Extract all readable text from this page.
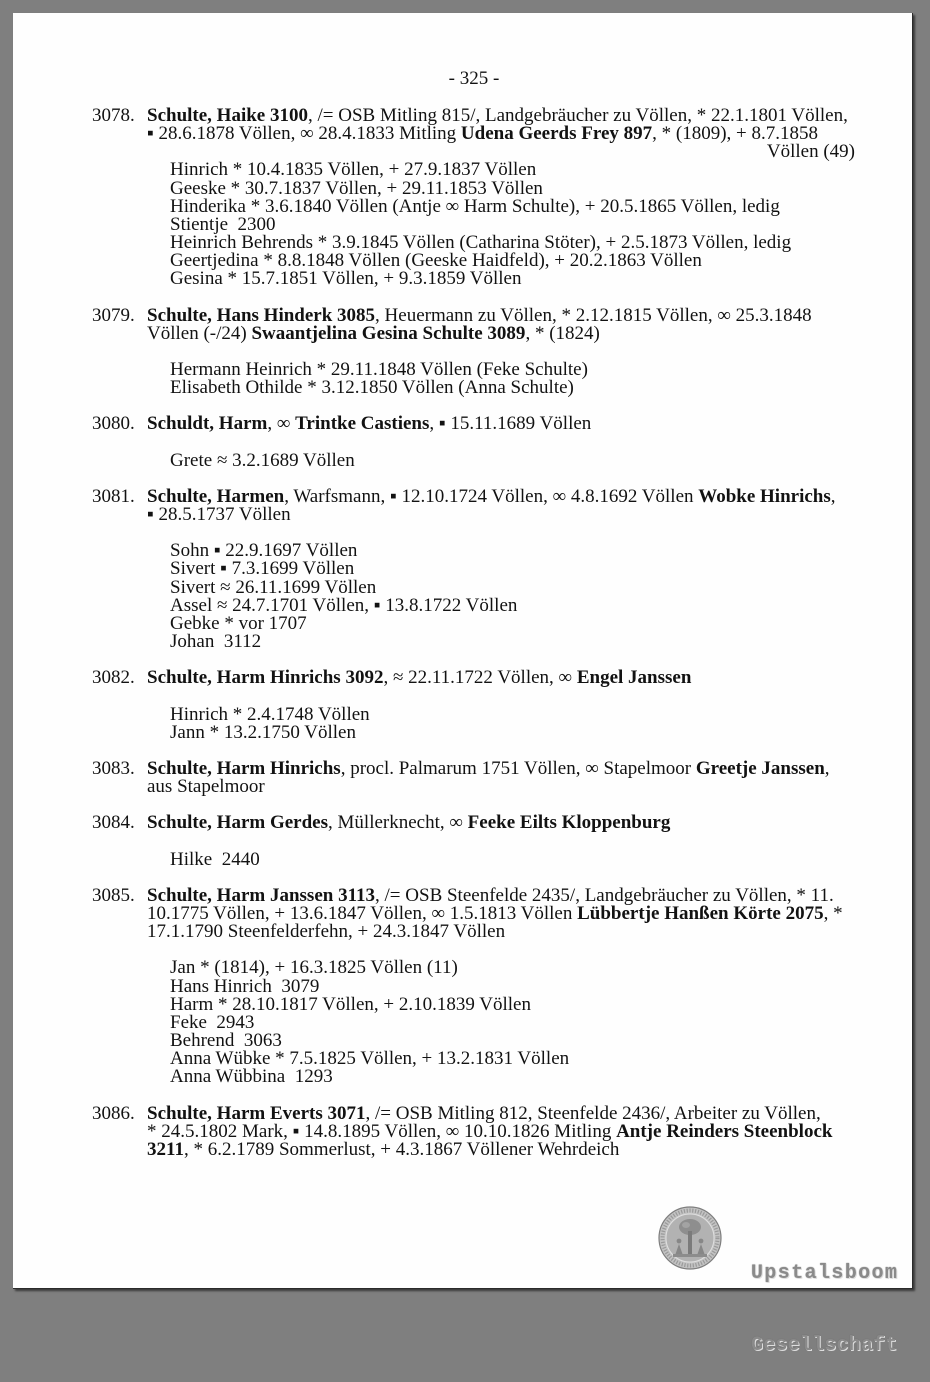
- 325 -
3078. Schulte, Haike 3100, /= OSB Mitling 815/, Landgebräucher zu Völlen, * 22.1.1801 Völlen,
▪ 28.6.1878 Völlen, ∞ 28.4.1833 Mitling Udena Geerds Frey 897, * (1809), + 8.7.1858
Völlen (49)
Hinrich * 10.4.1835 Völlen, + 27.9.1837 Völlen
Geeske * 30.7.1837 Völlen, + 29.11.1853 Völlen
Hinderika * 3.6.1840 Völlen (Antje ∞ Harm Schulte), + 20.5.1865 Völlen, ledig
Stientje  2300
Heinrich Behrends * 3.9.1845 Völlen (Catharina Stöter), + 2.5.1873 Völlen, ledig
Geertjedina * 8.8.1848 Völlen (Geeske Haidfeld), + 20.2.1863 Völlen
Gesina * 15.7.1851 Völlen, + 9.3.1859 Völlen
3079. Schulte, Hans Hinderk 3085, Heuermann zu Völlen, * 2.12.1815 Völlen, ∞ 25.3.1848
Völlen (-/24) Swaantjelina Gesina Schulte 3089, * (1824)
Hermann Heinrich * 29.11.1848 Völlen (Feke Schulte)
Elisabeth Othilde * 3.12.1850 Völlen (Anna Schulte)
3080. Schuldt, Harm, ∞ Trintke Castiens, ▪ 15.11.1689 Völlen
Grete ≈ 3.2.1689 Völlen
3081. Schulte, Harmen, Warfsmann, ▪ 12.10.1724 Völlen, ∞ 4.8.1692 Völlen Wobke Hinrichs,
▪ 28.5.1737 Völlen
Sohn ▪ 22.9.1697 Völlen
Sivert ▪ 7.3.1699 Völlen
Sivert ≈ 26.11.1699 Völlen
Assel ≈ 24.7.1701 Völlen, ▪ 13.8.1722 Völlen
Gebke * vor 1707
Johan  3112
3082. Schulte, Harm Hinrichs 3092, ≈ 22.11.1722 Völlen, ∞ Engel Janssen
Hinrich * 2.4.1748 Völlen
Jann * 13.2.1750 Völlen
3083. Schulte, Harm Hinrichs, procl. Palmarum 1751 Völlen, ∞ Stapelmoor Greetje Janssen,
aus Stapelmoor
3084. Schulte, Harm Gerdes, Müllerknecht, ∞ Feeke Eilts Kloppenburg
Hilke  2440
3085. Schulte, Harm Janssen 3113, /= OSB Steenfelde 2435/, Landgebräucher zu Völlen, * 11.
10.1775 Völlen, + 13.6.1847 Völlen, ∞ 1.5.1813 Völlen Lübbertje Hanßen Körte 2075, *
17.1.1790 Steenfelderfehn, + 24.3.1847 Völlen
Jan * (1814), + 16.3.1825 Völlen (11)
Hans Hinrich  3079
Harm * 28.10.1817 Völlen, + 2.10.1839 Völlen
Feke  2943
Behrend  3063
Anna Wübke * 7.5.1825 Völlen, + 13.2.1831 Völlen
Anna Wübbina  1293
3086. Schulte, Harm Everts 3071, /= OSB Mitling 812, Steenfelde 2436/, Arbeiter zu Völlen,
* 24.5.1802 Mark, ▪ 14.8.1895 Völlen, ∞ 10.10.1826 Mitling Antje Reinders Steenblock
3211, * 6.2.1789 Sommerlust, + 4.3.1867 Völlener Wehrdeich

Upstalsboom

Gesellschaft
